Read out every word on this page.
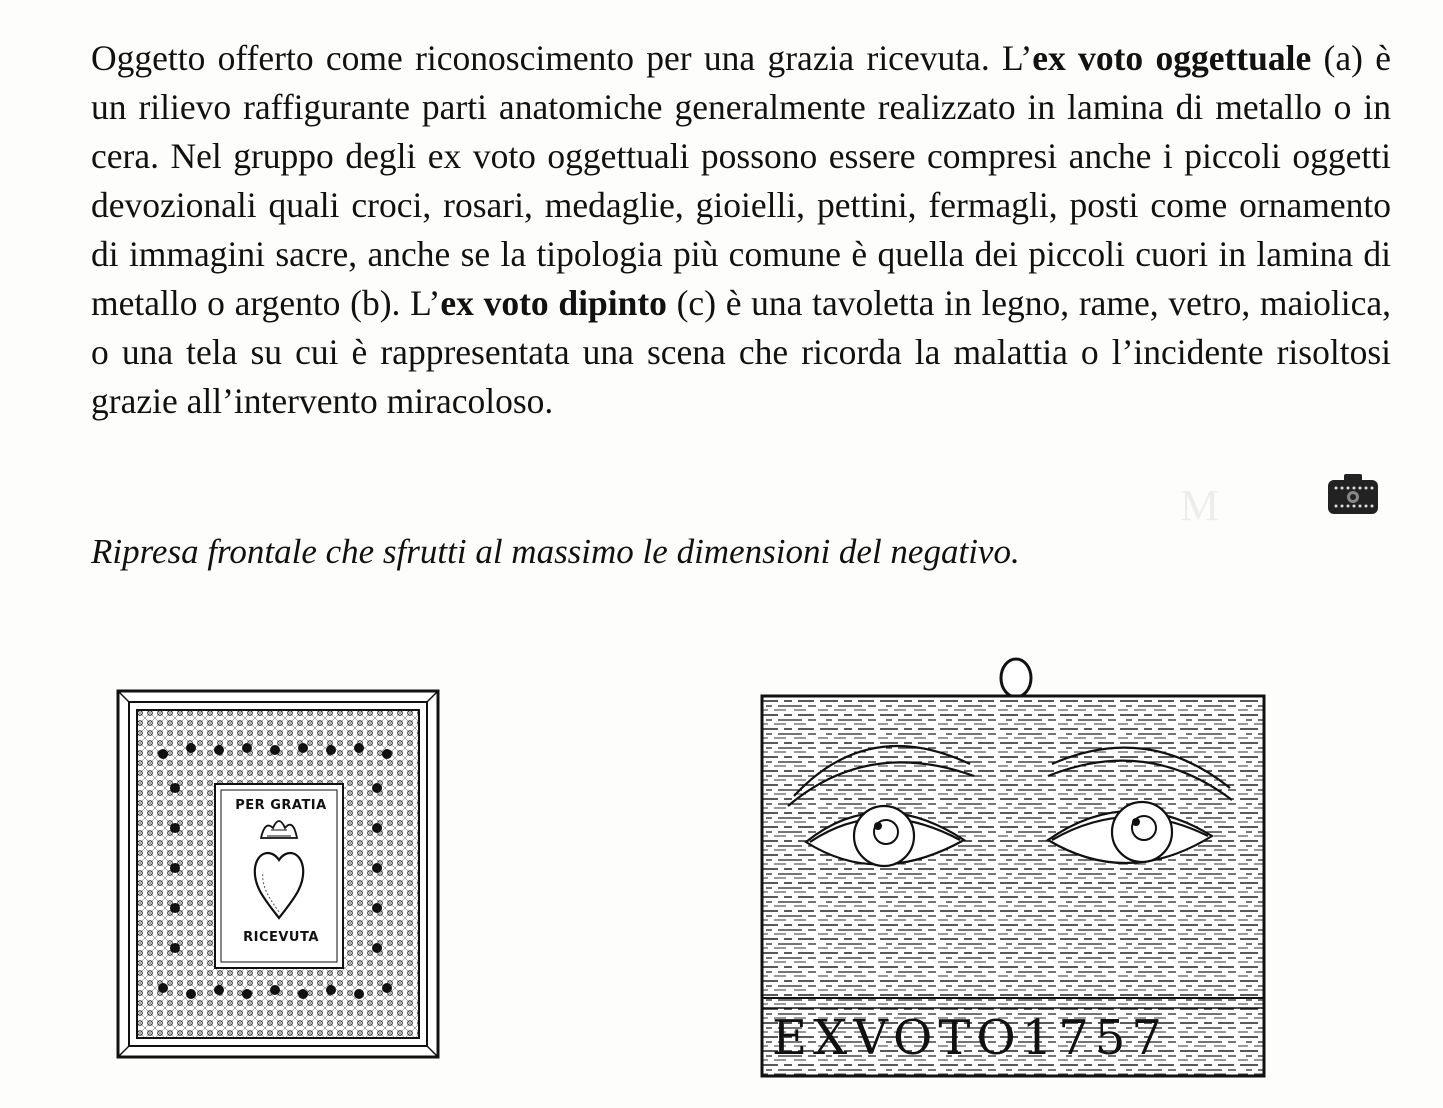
M

Oggetto offerto come riconoscimento per una grazia ricevuta. L’ex voto oggettuale (a) è un rilievo raffigurante parti anatomiche generalmente realizzato in lamina di metallo o in cera. Nel gruppo degli ex voto oggettuali possono essere compresi anche i piccoli oggetti devozionali quali croci, rosari, medaglie, gioielli, pettini, fermagli, posti come ornamento di immagini sacre, anche se la tipologia più comune è quella dei piccoli cuori in lamina di metallo o argento (b). L’ex voto dipinto (c) è una tavoletta in legno, rame, vetro, maiolica, o una tela su cui è rappresentata una scena che ricorda la malattia o l’incidente risoltosi grazie all’intervento miracoloso.

Ripresa frontale che sfrutti al massimo le dimensioni del negativo.

PER GRATIA
RICEVUTA
EXVOTO1757
